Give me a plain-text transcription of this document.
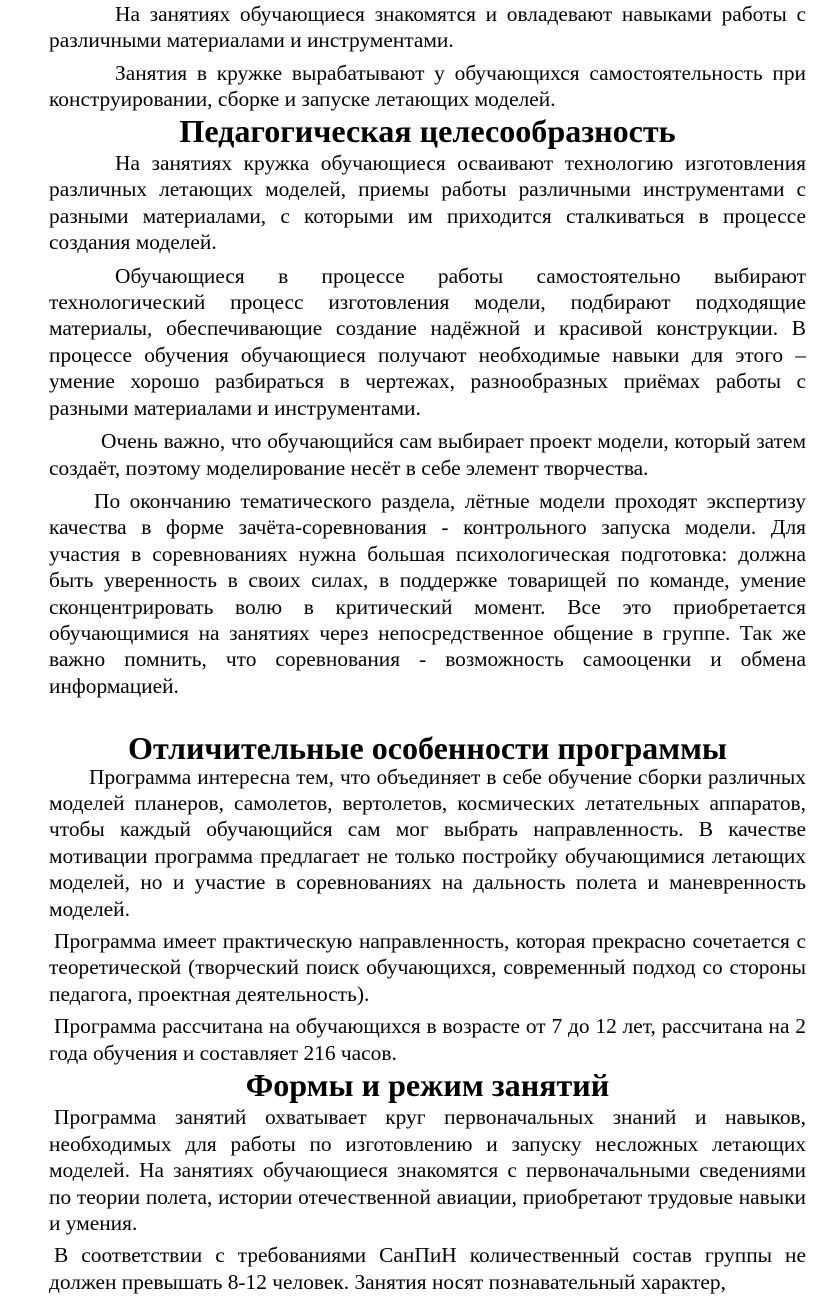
На занятиях обучающиеся знакомятся и овладевают навыками работы с различными материалами и инструментами.

Занятия в кружке вырабатывают у обучающихся самостоятельность при конструировании, сборке и запуске летающих моделей.

Педагогическая целесообразность

На занятиях кружка обучающиеся осваивают технологию изготовления различных летающих моделей, приемы работы различными инструментами с разными материалами, с которыми им приходится сталкиваться в процессе создания моделей.

Обучающиеся в процессе работы самостоятельно выбирают технологический процесс изготовления модели, подбирают подходящие материалы, обеспечивающие создание надёжной и красивой конструкции. В процессе обучения обучающиеся получают необходимые навыки для этого – умение хорошо разбираться в чертежах, разнообразных приёмах работы с разными материалами и инструментами.

Очень важно, что обучающийся сам выбирает проект модели, который затем создаёт, поэтому моделирование несёт в себе элемент творчества.

По окончанию тематического раздела, лётные модели проходят экспертизу качества в форме зачёта-соревнования - контрольного запуска модели. Для участия в соревнованиях нужна большая психологическая подготовка: должна быть уверенность в своих силах, в поддержке товарищей по команде, умение сконцентрировать волю в критический момент. Все это приобретается обучающимися на занятиях через непосредственное общение в группе. Так же важно помнить, что соревнования - возможность самооценки и обмена информацией.

Отличительные особенности программы

Программа интересна тем, что объединяет в себе обучение сборки различных моделей планеров, самолетов, вертолетов, космических летательных аппаратов, чтобы каждый обучающийся сам мог выбрать направленность. В качестве мотивации программа предлагает не только постройку обучающимися летающих моделей, но и участие в соревнованиях на дальность полета и маневренность моделей.

Программа имеет практическую направленность, которая прекрасно сочетается с теоретической (творческий поиск обучающихся, современный подход со стороны педагога, проектная деятельность).

Программа рассчитана на обучающихся в возрасте от 7 до 12 лет, рассчитана на 2 года обучения и составляет 216 часов.

Формы и режим занятий

Программа занятий охватывает круг первоначальных знаний и навыков, необходимых для работы по изготовлению и запуску несложных летающих моделей. На занятиях обучающиеся знакомятся с первоначальными сведениями по теории полета, истории отечественной авиации, приобретают трудовые навыки и умения.

В соответствии с требованиями СанПиН количественный состав группы не должен превышать 8-12 человек. Занятия носят познавательный характер,
